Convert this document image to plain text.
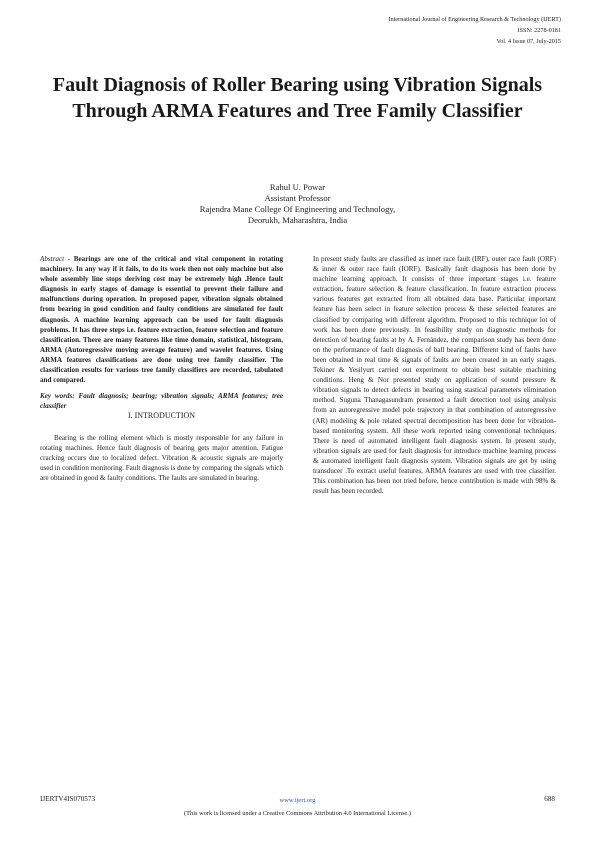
International Journal of Engineering Research & Technology (IJERT)
ISSN: 2278-0181
Vol. 4 Issue 07, July-2015
Fault Diagnosis of Roller Bearing using Vibration Signals Through ARMA Features and Tree Family Classifier
Rahul U. Powar
Assistant Professor
Rajendra Mane College Of Engineering and Technology,
Deorukh, Maharashtra, India

Abstract - Bearings are one of the critical and vital component in rotating machinery. In any way if it fails, to do its work then not only machine but also whole assembly line stops deriving cost may be extremely high .Hence fault diagnosis in early stages of damage is essential to prevent their failure and malfunctions during operation. In proposed paper, vibration signals obtained from bearing in good condition and faulty conditions are simulated for fault diagnosis. A machine learning approach can be used for fault diagnosis problems. It has three steps i.e. feature extraction, feature selection and feature classification. There are many features like time domain, statistical, histogram, ARMA (Autoregressive moving average feature) and wavelet features. Using ARMA features classifications are done using tree family classifier. The classification results for various tree family classifiers are recorded, tabulated and compared.

Key words: Fault diagnosis; bearing; vibration signals; ARMA features; tree classifier

I. INTRODUCTION

Bearing is the rolling element which is mostly responsible for any failure in rotating machines. Hence fault diagnosis of bearing gets major attention. Fatigue cracking occurs due to localized defect. Vibration & acoustic signals are majorly used in condition monitoring. Fault diagnosis is done by comparing the signals which are obtained in good & faulty conditions. The faults are simulated in bearing.

In present study faults are classified as inner race fault (IRF), outer race fault (ORF) & inner & outer race fault (IORF). Basically fault diagnosis has been done by machine learning approach. It consists of three important stages i.e. feature extraction, feature selection & feature classification. In feature extraction process various features get extracted from all obtained data base. Particular important feature has been select in feature selection process & these selected features are classified by comparing with different algorithm. Proposed to this technique lot of work has been done previously. In feasibility study on diagnostic methods for detection of bearing faults at by A. Fernández, the comparison study has been done on the performance of fault diagnosis of ball bearing. Different kind of faults have been obtained in real time & signals of faults are been created in an early stages. Tekiner & Yesilyurt carried out experiment to obtain best suitable machining conditions. Heng & Nor presented study on application of sound pressure & vibration signals to detect defects in bearing using stastical parameters elimination method. Suguna Thanagasundram presented a fault detection tool using analysis from an autoregressive model pole trajectory in that combination of autoregressive (AR) modeling & pole related spectral decomposition has been done for vibration-based monitoring system. All these work reported using conventional techniques. There is need of automated intelligent fault diagnosis system. In present study, vibration signals are used for fault diagnosis for introduce machine learning process & automated intelligent fault diagnosis system. Vibration signals are get by using transducer .To extract useful features, ARMA features are used with tree classifier. This combination has been not tried before, hence contribution is made with 98% & result has been recorded.

IJERTV4IS070573	www.ijert.org	688
(This work is licensed under a Creative Commons Attribution 4.0 International License.)
